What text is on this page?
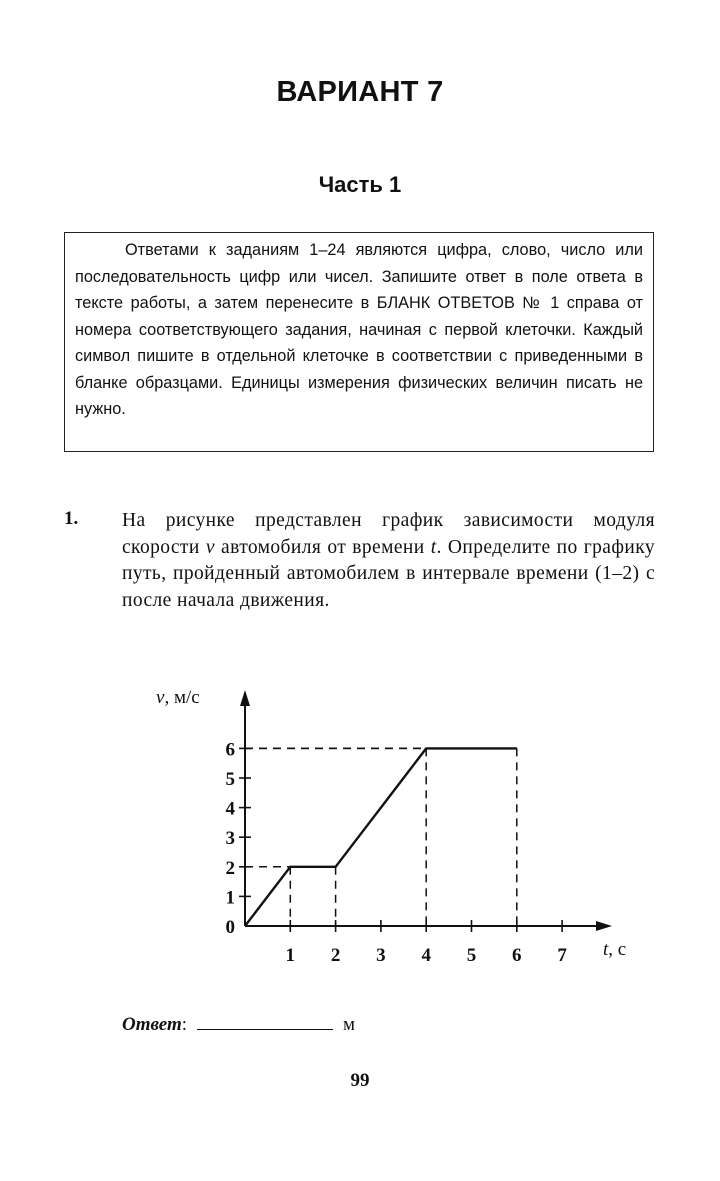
ВАРИАНТ 7
Часть 1
Ответами к заданиям 1–24 являются цифра, слово, число или последовательность цифр или чисел. Запишите ответ в поле ответа в тексте работы, а затем перенесите в БЛАНК ОТВЕТОВ № 1 справа от номера соответствующего задания, начиная с первой клеточки. Каждый символ пишите в отдельной клеточке в соответствии с приведенными в бланке образцами. Единицы измерения физических величин писать не нужно.
1. На рисунке представлен график зависимости модуля скорости v автомобиля от времени t. Определите по графику путь, пройденный автомобилем в интервале времени (1–2) с после начала движения.
1 2 3 4 5 6 7
1
2
3
4
5
6
0
v, м/с
t, с
Ответ:	м
99
